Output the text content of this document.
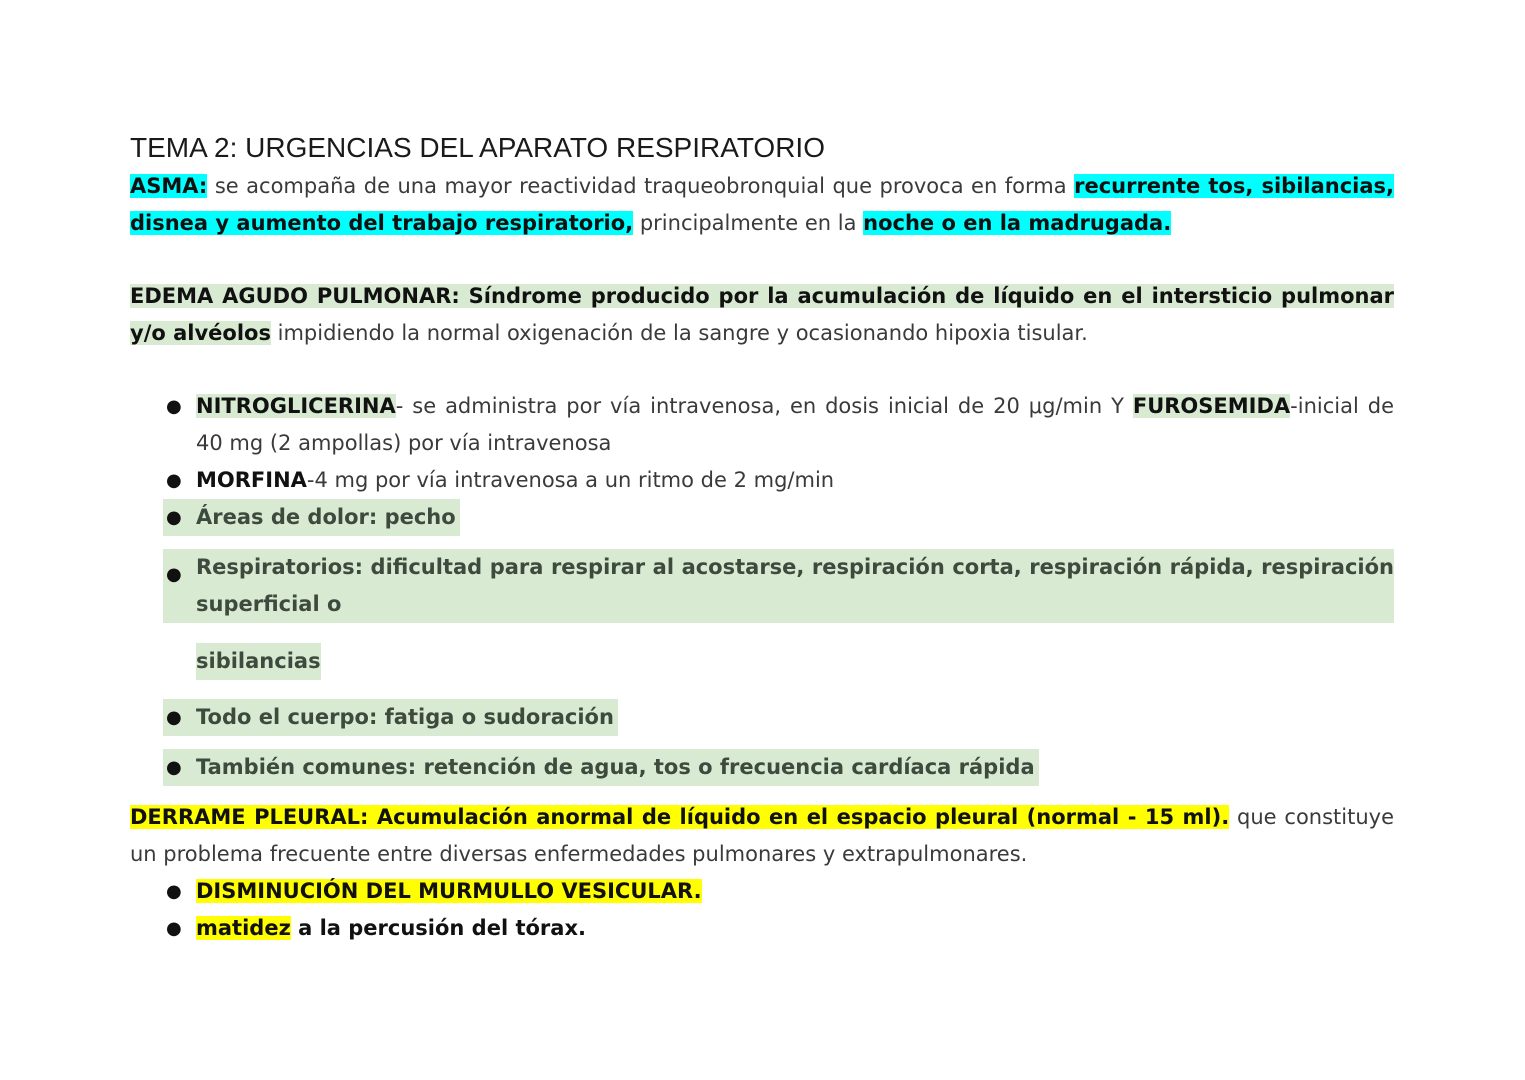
TEMA 2: URGENCIAS DEL APARATO RESPIRATORIO

ASMA: se acompaña de una mayor reactividad traqueobronquial que provoca en forma recurrente tos, sibilancias, disnea y aumento del trabajo respiratorio, principalmente en la noche o en la madrugada.

EDEMA AGUDO PULMONAR: Síndrome producido por la acumulación de líquido en el intersticio pulmonar y/o alvéolos impidiendo la normal oxigenación de la sangre y ocasionando hipoxia tisular.

● NITROGLICERINA- se administra por vía intravenosa, en dosis inicial de 20 μg/min Y FUROSEMIDA-inicial de 40 mg (2 ampollas) por vía intravenosa
● MORFINA-4 mg por vía intravenosa a un ritmo de 2 mg/min
● Áreas de dolor: pecho
● Respiratorios: dificultad para respirar al acostarse, respiración corta, respiración rápida, respiración superficial o
sibilancias
● Todo el cuerpo: fatiga o sudoración
● También comunes: retención de agua, tos o frecuencia cardíaca rápida

DERRAME PLEURAL: Acumulación anormal de líquido en el espacio pleural (normal - 15 ml). que constituye un problema frecuente entre diversas enfermedades pulmonares y extrapulmonares.

● DISMINUCIÓN DEL MURMULLO VESICULAR.
● matidez a la percusión del tórax.
